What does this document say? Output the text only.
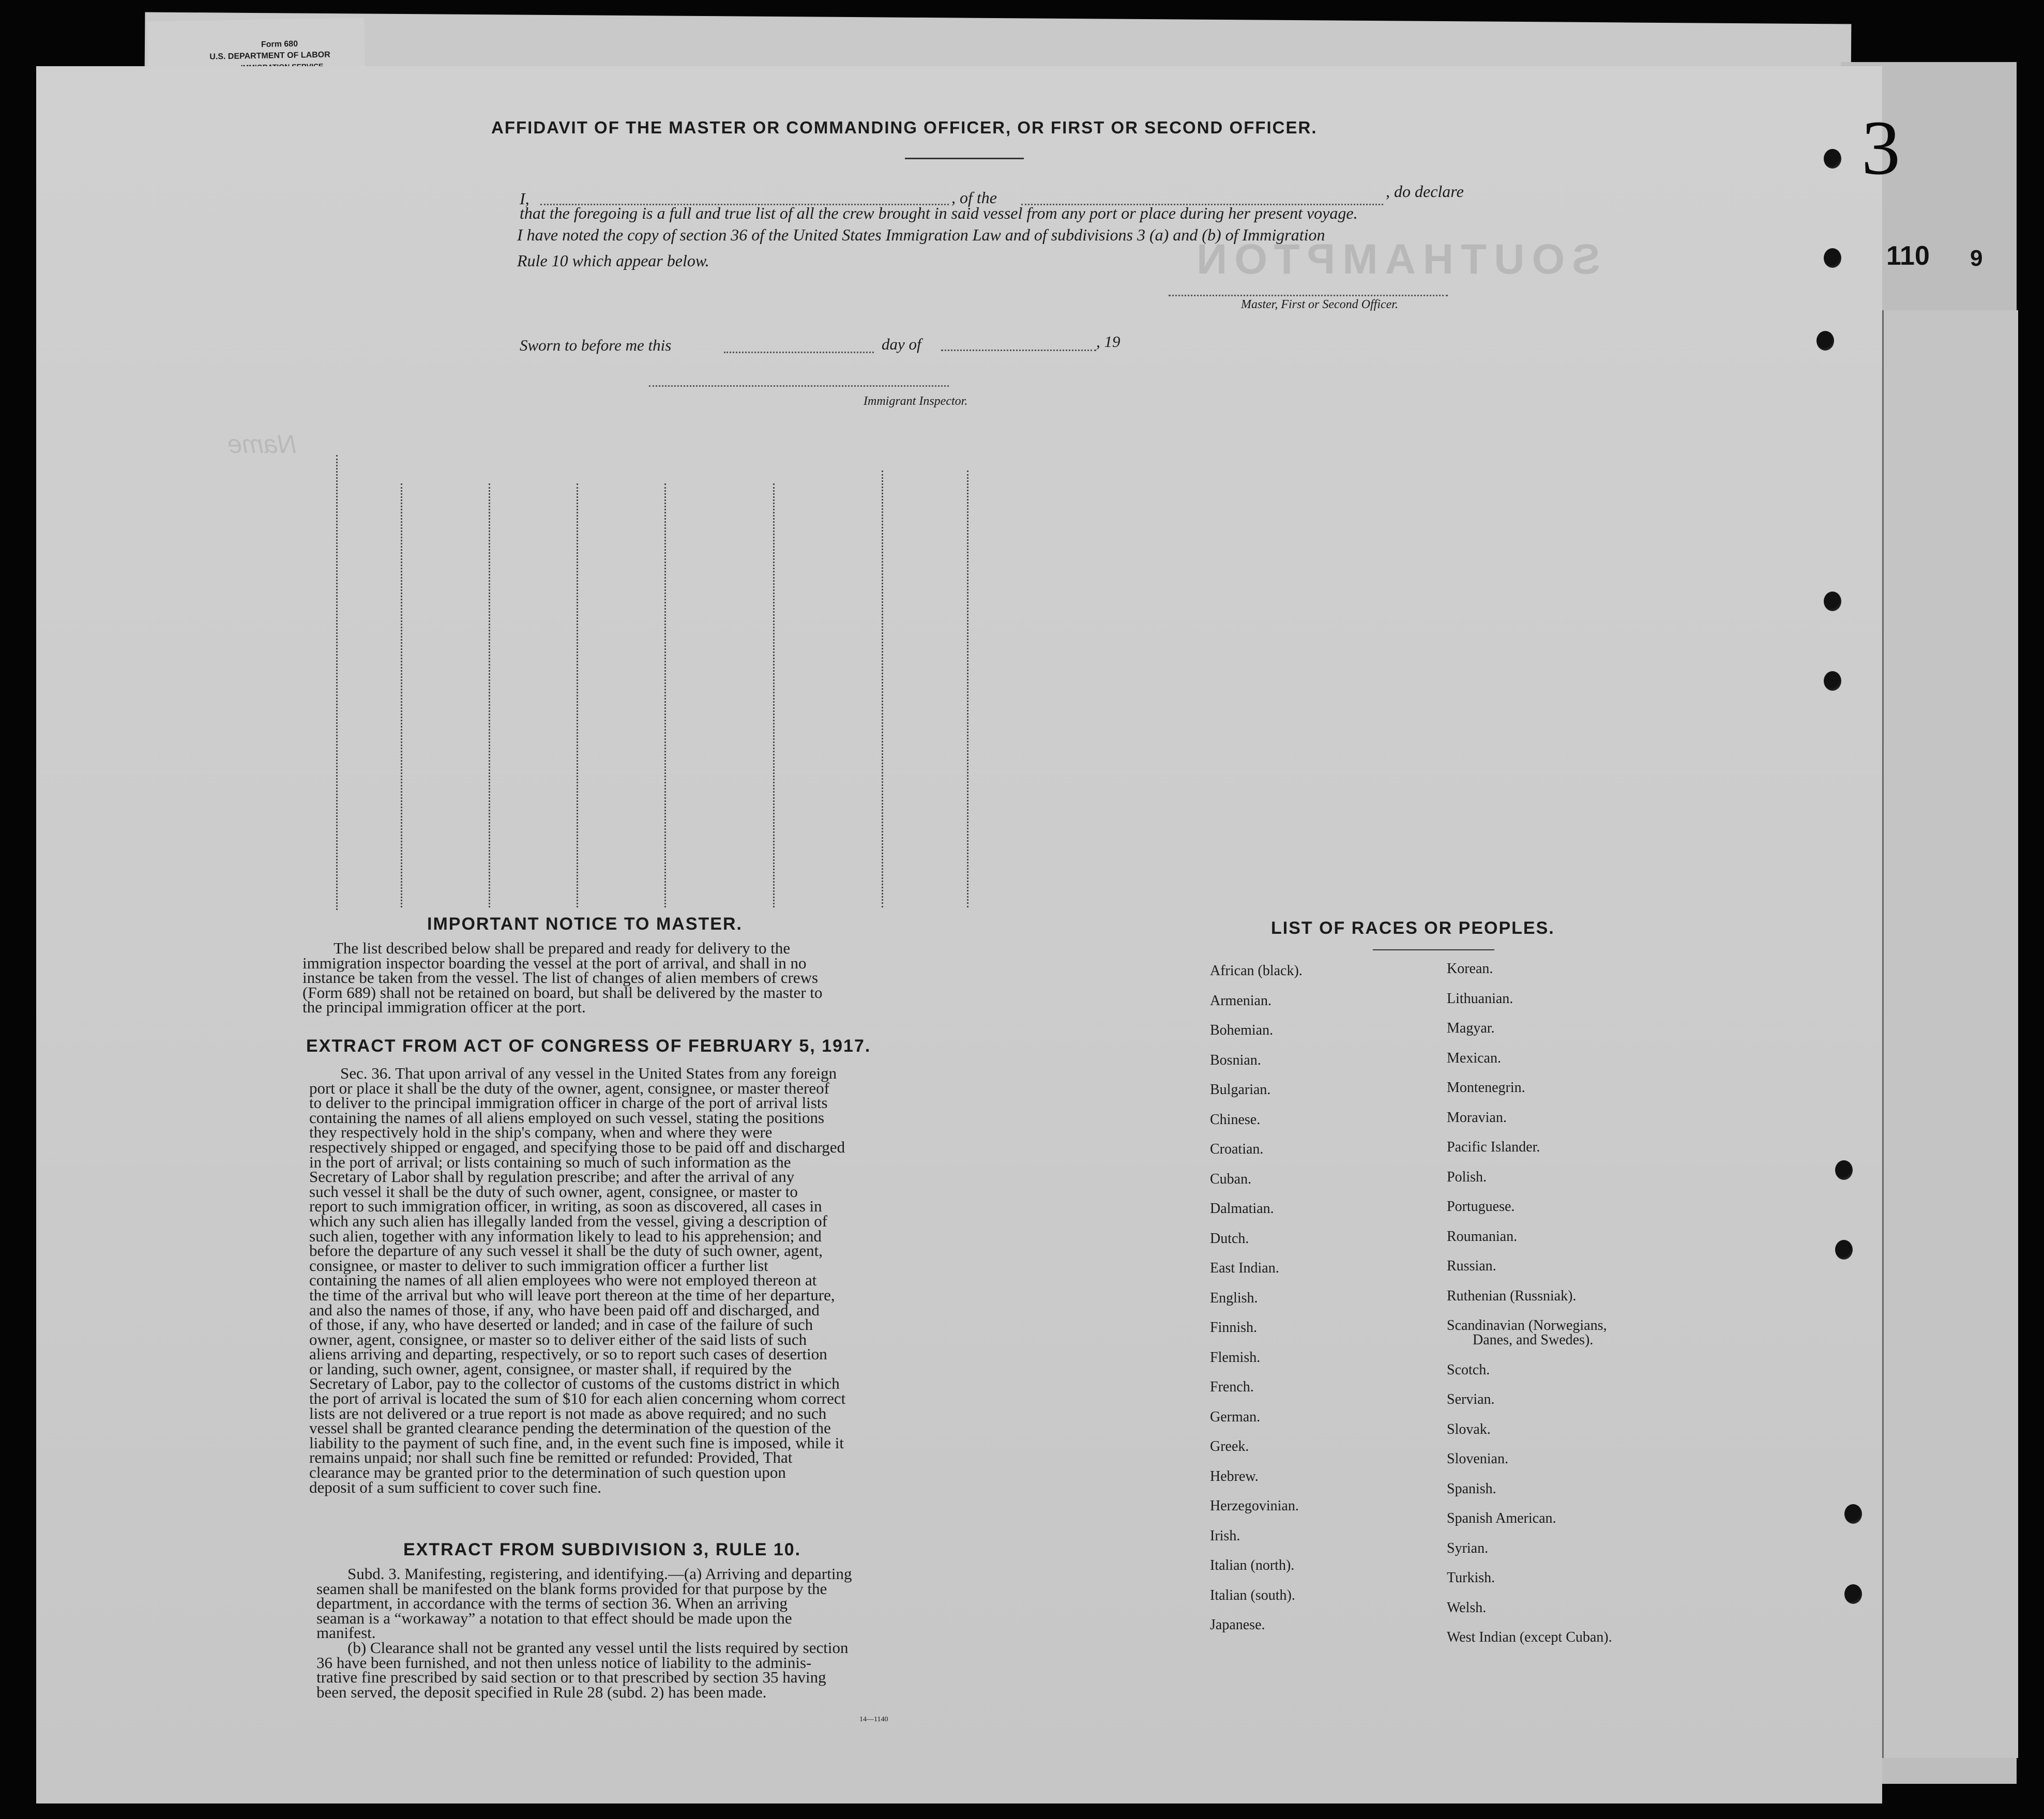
Form 680
U.S. DEPARTMENT OF LABOR
SOUTHAMPTON
Name
3
110 9
AFFIDAVIT OF THE MASTER OR COMMANDING OFFICER, OR FIRST OR SECOND OFFICER.
I,	, of the	, do declare
that the foregoing is a full and true list of all the crew brought in said vessel from any port or place during her present voyage.
I have noted the copy of section 36 of the United States Immigration Law and of subdivisions 3 (a) and (b) of Immigration
Rule 10 which appear below.
Master, First or Second Officer.
Sworn to before me this	day of	, 19
Immigrant Inspector.
IMPORTANT NOTICE TO MASTER.

The list described below shall be prepared and ready for delivery to the

immigration inspector boarding the vessel at the port of arrival, and shall in no

instance be taken from the vessel. The list of changes of alien members of crews

(Form 689) shall not be retained on board, but shall be delivered by the master to

the principal immigration officer at the port.

EXTRACT FROM ACT OF CONGRESS OF FEBRUARY 5, 1917.

Sec. 36. That upon arrival of any vessel in the United States from any foreign

port or place it shall be the duty of the owner, agent, consignee, or master thereof

to deliver to the principal immigration officer in charge of the port of arrival lists

containing the names of all aliens employed on such vessel, stating the positions

they respectively hold in the ship's company, when and where they were

respectively shipped or engaged, and specifying those to be paid off and discharged

in the port of arrival; or lists containing so much of such information as the

Secretary of Labor shall by regulation prescribe; and after the arrival of any

such vessel it shall be the duty of such owner, agent, consignee, or master to

report to such immigration officer, in writing, as soon as discovered, all cases in

which any such alien has illegally landed from the vessel, giving a description of

such alien, together with any information likely to lead to his apprehension; and

before the departure of any such vessel it shall be the duty of such owner, agent,

consignee, or master to deliver to such immigration officer a further list

containing the names of all alien employees who were not employed thereon at

the time of the arrival but who will leave port thereon at the time of her departure,

and also the names of those, if any, who have been paid off and discharged, and

of those, if any, who have deserted or landed; and in case of the failure of such

owner, agent, consignee, or master so to deliver either of the said lists of such

aliens arriving and departing, respectively, or so to report such cases of desertion

or landing, such owner, agent, consignee, or master shall, if required by the

Secretary of Labor, pay to the collector of customs of the customs district in which

the port of arrival is located the sum of $10 for each alien concerning whom correct

lists are not delivered or a true report is not made as above required; and no such

vessel shall be granted clearance pending the determination of the question of the

liability to the payment of such fine, and, in the event such fine is imposed, while it

remains unpaid; nor shall such fine be remitted or refunded: Provided, That

clearance may be granted prior to the determination of such question upon

deposit of a sum sufficient to cover such fine.

EXTRACT FROM SUBDIVISION 3, RULE 10.

Subd. 3. Manifesting, registering, and identifying.—(a) Arriving and departing

seamen shall be manifested on the blank forms provided for that purpose by the

department, in accordance with the terms of section 36. When an arriving

seaman is a “workaway” a notation to that effect should be made upon the

manifest.

(b) Clearance shall not be granted any vessel until the lists required by section

36 have been furnished, and not then unless notice of liability to the adminis-

trative fine prescribed by said section or to that prescribed by section 35 having

been served, the deposit specified in Rule 28 (subd. 2) has been made.

14—1140
LIST OF RACES OR PEOPLES.
African (black).
Armenian.
Bohemian.
Bosnian.
Bulgarian.
Chinese.
Croatian.
Cuban.
Dalmatian.
Dutch.
East Indian.
English.
Finnish.
Flemish.
French.
German.
Greek.
Hebrew.
Herzegovinian.
Irish.
Italian (north).
Italian (south).
Japanese.
Korean.
Lithuanian.
Magyar.
Mexican.
Montenegrin.
Moravian.
Pacific Islander.
Polish.
Portuguese.
Roumanian.
Russian.
Ruthenian (Russniak).
Scandinavian (Norwegians,
Danes, and Swedes).
Scotch.
Servian.
Slovak.
Slovenian.
Spanish.
Spanish American.
Syrian.
Turkish.
Welsh.
West Indian (except Cuban).
